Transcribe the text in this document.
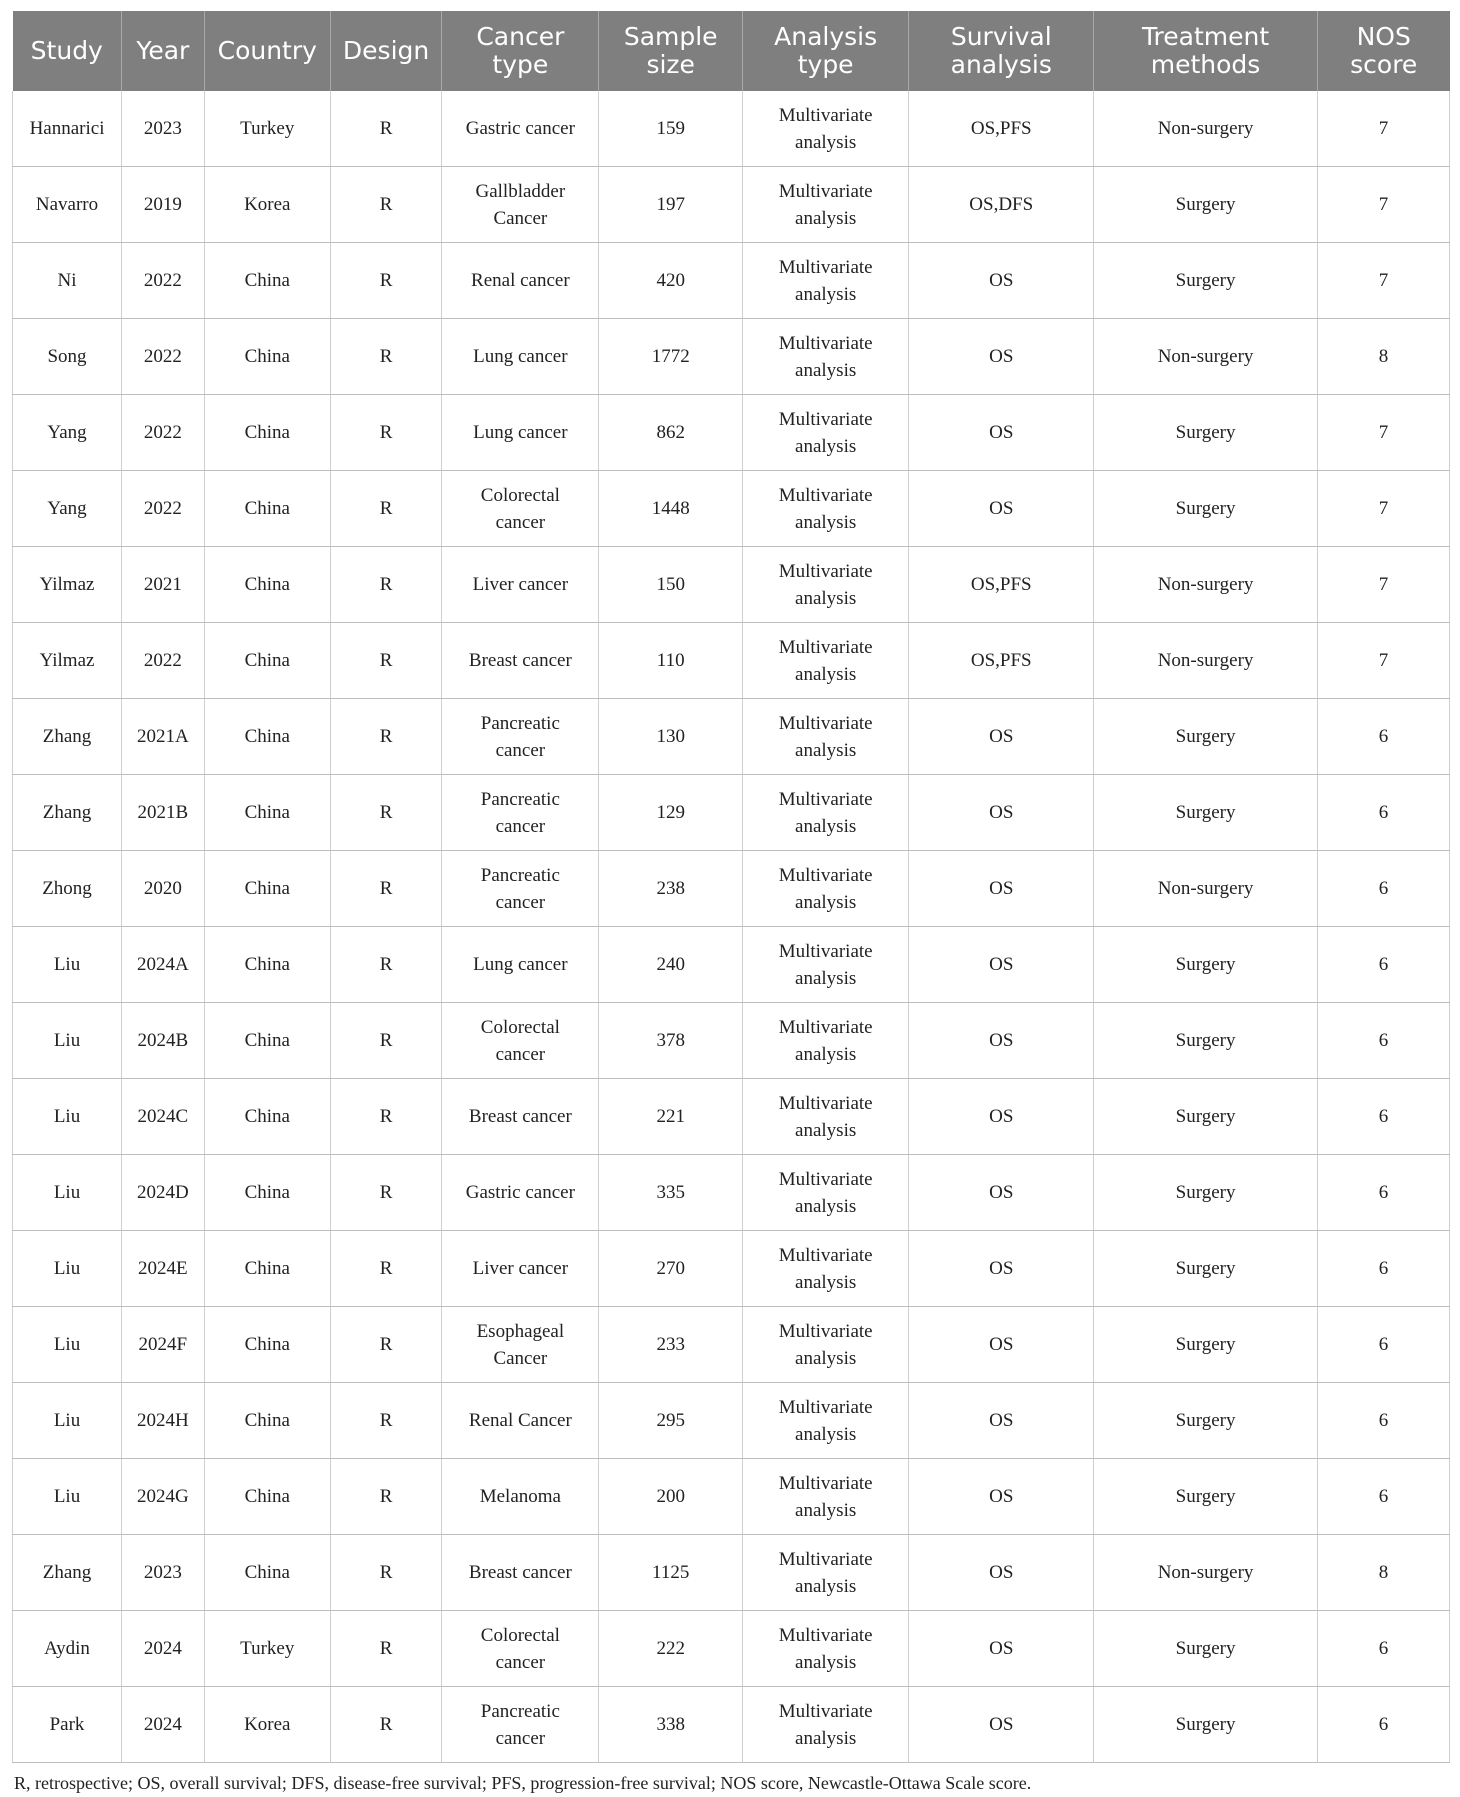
Study	Year	Country	Design	Cancer
type	Sample
size	Analysis
type	Survival
analysis	Treatment
methods	NOS
score

Hannarici	2023	Turkey	R	Gastric cancer	159	Multivariate
analysis	OS,PFS	Non-surgery	7

Navarro	2019	Korea	R	Gallbladder
Cancer	197	Multivariate
analysis	OS,DFS	Surgery	7

Ni	2022	China	R	Renal cancer	420	Multivariate
analysis	OS	Surgery	7

Song	2022	China	R	Lung cancer	1772	Multivariate
analysis	OS	Non-surgery	8

Yang	2022	China	R	Lung cancer	862	Multivariate
analysis	OS	Surgery	7

Yang	2022	China	R	Colorectal
cancer	1448	Multivariate
analysis	OS	Surgery	7

Yilmaz	2021	China	R	Liver cancer	150	Multivariate
analysis	OS,PFS	Non-surgery	7

Yilmaz	2022	China	R	Breast cancer	110	Multivariate
analysis	OS,PFS	Non-surgery	7

Zhang	2021A	China	R	Pancreatic
cancer	130	Multivariate
analysis	OS	Surgery	6

Zhang	2021B	China	R	Pancreatic
cancer	129	Multivariate
analysis	OS	Surgery	6

Zhong	2020	China	R	Pancreatic
cancer	238	Multivariate
analysis	OS	Non-surgery	6

Liu	2024A	China	R	Lung cancer	240	Multivariate
analysis	OS	Surgery	6

Liu	2024B	China	R	Colorectal
cancer	378	Multivariate
analysis	OS	Surgery	6

Liu	2024C	China	R	Breast cancer	221	Multivariate
analysis	OS	Surgery	6

Liu	2024D	China	R	Gastric cancer	335	Multivariate
analysis	OS	Surgery	6

Liu	2024E	China	R	Liver cancer	270	Multivariate
analysis	OS	Surgery	6

Liu	2024F	China	R	Esophageal
Cancer	233	Multivariate
analysis	OS	Surgery	6

Liu	2024H	China	R	Renal Cancer	295	Multivariate
analysis	OS	Surgery	6

Liu	2024G	China	R	Melanoma	200	Multivariate
analysis	OS	Surgery	6

Zhang	2023	China	R	Breast cancer	1125	Multivariate
analysis	OS	Non-surgery	8

Aydin	2024	Turkey	R	Colorectal
cancer	222	Multivariate
analysis	OS	Surgery	6

Park	2024	Korea	R	Pancreatic
cancer	338	Multivariate
analysis	OS	Surgery	6
R, retrospective; OS, overall survival; DFS, disease-free survival; PFS, progression-free survival; NOS score, Newcastle-Ottawa Scale score.
